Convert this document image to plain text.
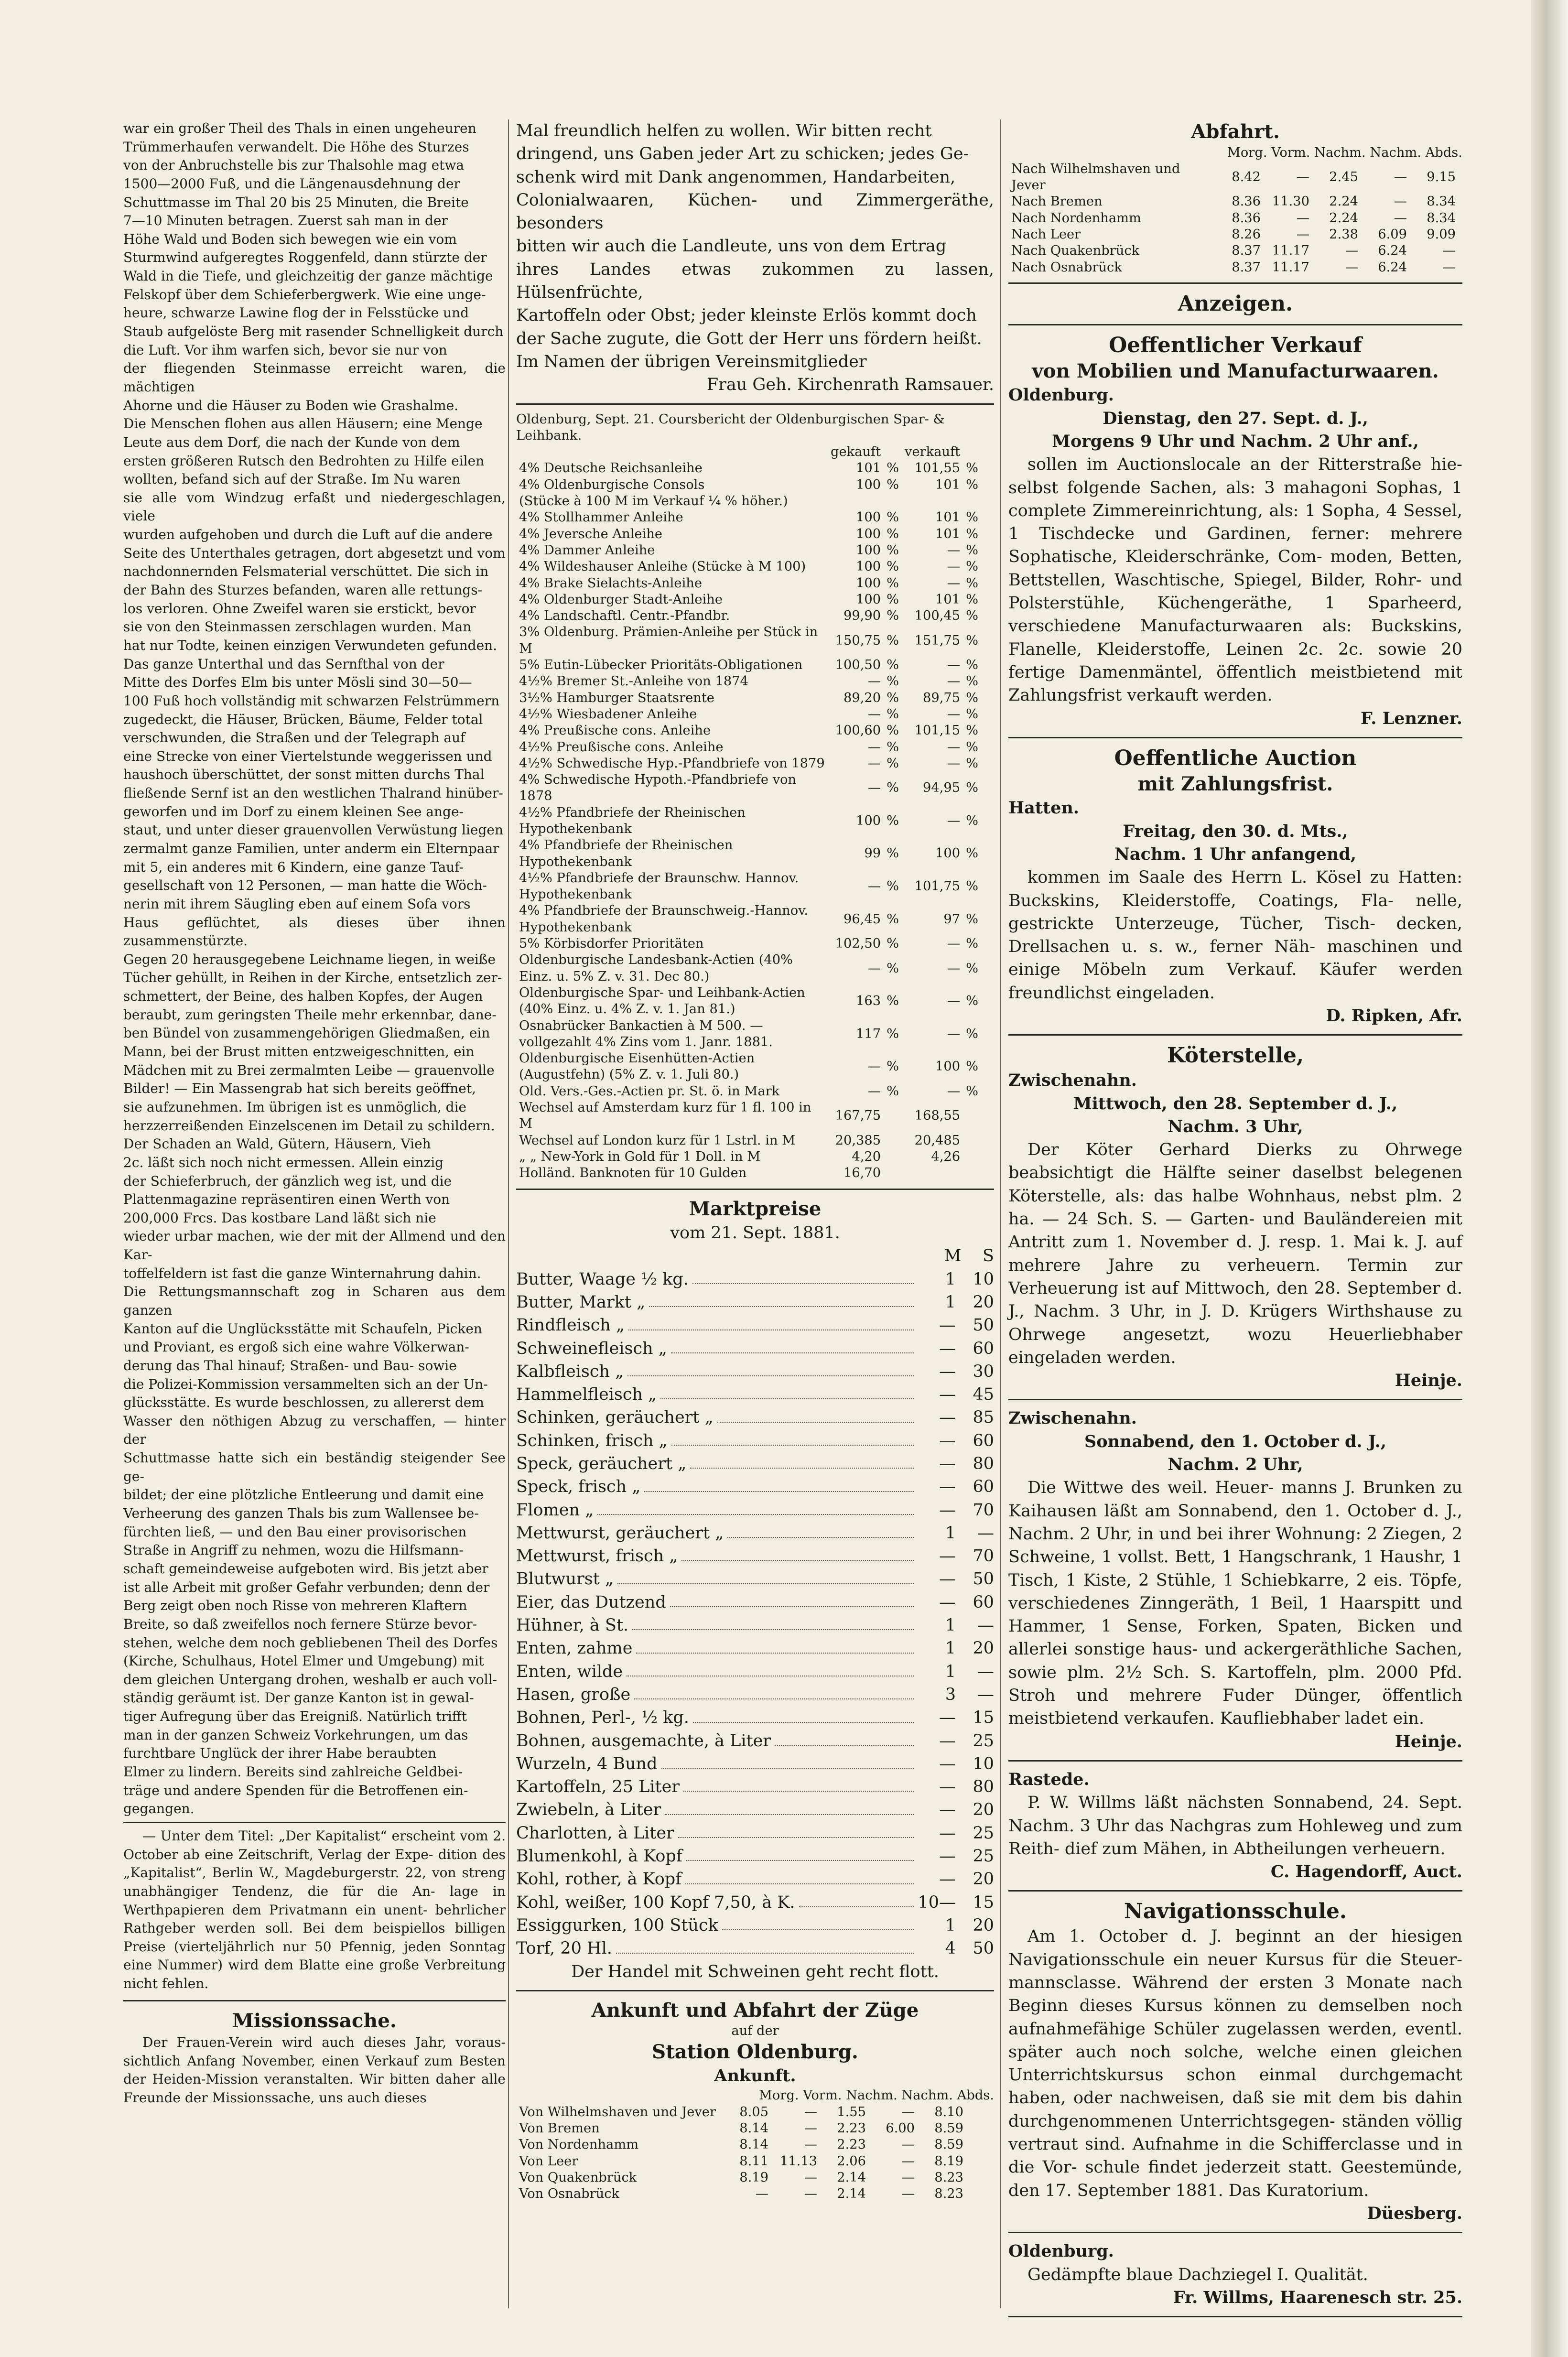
war ein großer Theil des Thals in einen ungeheuren
Trümmerhaufen verwandelt. Die Höhe des Sturzes
von der Anbruchstelle bis zur Thalsohle mag etwa
1500—2000 Fuß, und die Längenausdehnung der
Schuttmasse im Thal 20 bis 25 Minuten, die Breite
7—10 Minuten betragen. Zuerst sah man in der
Höhe Wald und Boden sich bewegen wie ein vom
Sturmwind aufgeregtes Roggenfeld, dann stürzte der
Wald in die Tiefe, und gleichzeitig der ganze mächtige
Felskopf über dem Schieferbergwerk. Wie eine unge-
heure, schwarze Lawine flog der in Felsstücke und
Staub aufgelöste Berg mit rasender Schnelligkeit durch
die Luft. Vor ihm warfen sich, bevor sie nur von
der fliegenden Steinmasse erreicht waren, die mächtigen
Ahorne und die Häuser zu Boden wie Grashalme.
Die Menschen flohen aus allen Häusern; eine Menge
Leute aus dem Dorf, die nach der Kunde von dem
ersten größeren Rutsch den Bedrohten zu Hilfe eilen
wollten, befand sich auf der Straße. Im Nu waren
sie alle vom Windzug erfaßt und niedergeschlagen, viele
wurden aufgehoben und durch die Luft auf die andere
Seite des Unterthales getragen, dort abgesetzt und vom
nachdonnernden Felsmaterial verschüttet. Die sich in
der Bahn des Sturzes befanden, waren alle rettungs-
los verloren. Ohne Zweifel waren sie erstickt, bevor
sie von den Steinmassen zerschlagen wurden. Man
hat nur Todte, keinen einzigen Verwundeten gefunden.
Das ganze Unterthal und das Sernfthal von der
Mitte des Dorfes Elm bis unter Mösli sind 30—50—
100 Fuß hoch vollständig mit schwarzen Felstrümmern
zugedeckt, die Häuser, Brücken, Bäume, Felder total
verschwunden, die Straßen und der Telegraph auf
eine Strecke von einer Viertelstunde weggerissen und
haushoch überschüttet, der sonst mitten durchs Thal
fließende Sernf ist an den westlichen Thalrand hinüber-
geworfen und im Dorf zu einem kleinen See ange-
staut, und unter dieser grauenvollen Verwüstung liegen
zermalmt ganze Familien, unter anderm ein Elternpaar
mit 5, ein anderes mit 6 Kindern, eine ganze Tauf-
gesellschaft von 12 Personen, — man hatte die Wöch-
nerin mit ihrem Säugling eben auf einem Sofa vors
Haus geflüchtet, als dieses über ihnen zusammenstürzte.
Gegen 20 herausgegebene Leichname liegen, in weiße
Tücher gehüllt, in Reihen in der Kirche, entsetzlich zer-
schmettert, der Beine, des halben Kopfes, der Augen
beraubt, zum geringsten Theile mehr erkennbar, dane-
ben Bündel von zusammengehörigen Gliedmaßen, ein
Mann, bei der Brust mitten entzweigeschnitten, ein
Mädchen mit zu Brei zermalmten Leibe — grauenvolle
Bilder! — Ein Massengrab hat sich bereits geöffnet,
sie aufzunehmen. Im übrigen ist es unmöglich, die
herzzerreißenden Einzelscenen im Detail zu schildern.
Der Schaden an Wald, Gütern, Häusern, Vieh
2c. läßt sich noch nicht ermessen. Allein einzig
der Schieferbruch, der gänzlich weg ist, und die
Plattenmagazine repräsentiren einen Werth von
200,000 Frcs. Das kostbare Land läßt sich nie
wieder urbar machen, wie der mit der Allmend und den Kar-
toffelfeldern ist fast die ganze Winternahrung dahin.
Die Rettungsmannschaft zog in Scharen aus dem ganzen
Kanton auf die Unglücksstätte mit Schaufeln, Picken
und Proviant, es ergoß sich eine wahre Völkerwan-
derung das Thal hinauf; Straßen- und Bau- sowie
die Polizei-Kommission versammelten sich an der Un-
glücksstätte. Es wurde beschlossen, zu allererst dem
Wasser den nöthigen Abzug zu verschaffen, — hinter der
Schuttmasse hatte sich ein beständig steigender See ge-
bildet; der eine plötzliche Entleerung und damit eine
Verheerung des ganzen Thals bis zum Wallensee be-
fürchten ließ, — und den Bau einer provisorischen
Straße in Angriff zu nehmen, wozu die Hilfsmann-
schaft gemeindeweise aufgeboten wird. Bis jetzt aber
ist alle Arbeit mit großer Gefahr verbunden; denn der
Berg zeigt oben noch Risse von mehreren Klaftern
Breite, so daß zweifellos noch fernere Stürze bevor-
stehen, welche dem noch gebliebenen Theil des Dorfes
(Kirche, Schulhaus, Hotel Elmer und Umgebung) mit
dem gleichen Untergang drohen, weshalb er auch voll-
ständig geräumt ist. Der ganze Kanton ist in gewal-
tiger Aufregung über das Ereigniß. Natürlich trifft
man in der ganzen Schweiz Vorkehrungen, um das
furchtbare Unglück der ihrer Habe beraubten
Elmer zu lindern. Bereits sind zahlreiche Geldbei-
träge und andere Spenden für die Betroffenen ein-
gegangen.

— Unter dem Titel: „Der Kapitalist“ erscheint vom 2. October ab eine Zeitschrift, Verlag der Expe- dition des „Kapitalist“, Berlin W., Magdeburgerstr. 22, von streng unabhängiger Tendenz, die für die An- lage in Werthpapieren dem Privatmann ein unent- behrlicher Rathgeber werden soll. Bei dem beispiellos billigen Preise (vierteljährlich nur 50 Pfennig, jeden Sonntag eine Nummer) wird dem Blatte eine große Verbreitung nicht fehlen.

Missionssache.

Der Frauen-Verein wird auch dieses Jahr, voraus- sichtlich Anfang November, einen Verkauf zum Besten der Heiden-Mission veranstalten. Wir bitten daher alle Freunde der Missionssache, uns auch dieses

Mal freundlich helfen zu wollen. Wir bitten recht
dringend, uns Gaben jeder Art zu schicken; jedes Ge-
schenk wird mit Dank angenommen, Handarbeiten,
Colonialwaaren, Küchen- und Zimmergeräthe, besonders
bitten wir auch die Landleute, uns von dem Ertrag
ihres Landes etwas zukommen zu lassen, Hülsenfrüchte,
Kartoffeln oder Obst; jeder kleinste Erlös kommt doch
der Sache zugute, die Gott der Herr uns fördern heißt.
Im Namen der übrigen Vereinsmitglieder
Frau Geh. Kirchenrath Ramsauer.
Oldenburg, Sept. 21. Coursbericht der Oldenburgischen Spar- & Leihbank.
	gekauft		verkauft	
4% Deutsche Reichsanleihe	101	%	101,55	%
4% Oldenburgische Consols	100	%	101	%
(Stücke à 100 M im Verkauf ¼ % höher.)				
4% Stollhammer Anleihe	100	%	101	%
4% Jeversche Anleihe	100	%	101	%
4% Dammer Anleihe	100	%	—	%
4% Wildeshauser Anleihe (Stücke à M 100)	100	%	—	%
4% Brake Sielachts-Anleihe	100	%	—	%
4% Oldenburger Stadt-Anleihe	100	%	101	%
4% Landschaftl. Centr.-Pfandbr.	99,90	%	100,45	%
3% Oldenburg. Prämien-Anleihe per Stück in M	150,75	%	151,75	%
5% Eutin-Lübecker Prioritäts-Obligationen	100,50	%	—	%
4½% Bremer St.-Anleihe von 1874	—	%	—	%
3½% Hamburger Staatsrente	89,20	%	89,75	%
4½% Wiesbadener Anleihe	—	%	—	%
4% Preußische cons. Anleihe	100,60	%	101,15	%
4½% Preußische cons. Anleihe	—	%	—	%
4½% Schwedische Hyp.-Pfandbriefe von 1879	—	%	—	%
4% Schwedische Hypoth.-Pfandbriefe von 1878	—	%	94,95	%
4½% Pfandbriefe der Rheinischen Hypothekenbank	100	%	—	%
4% Pfandbriefe der Rheinischen Hypothekenbank	99	%	100	%
4½% Pfandbriefe der Braunschw. Hannov. Hypothekenbank	—	%	101,75	%
4% Pfandbriefe der Braunschweig.-Hannov. Hypothekenbank	96,45	%	97	%
5% Körbisdorfer Prioritäten	102,50	%	—	%
Oldenburgische Landesbank-Actien (40% Einz. u. 5% Z. v. 31. Dec 80.)	—	%	—	%
Oldenburgische Spar- und Leihbank-Actien (40% Einz. u. 4% Z. v. 1. Jan 81.)	163	%	—	%
Osnabrücker Bankactien à M 500. — vollgezahlt 4% Zins vom 1. Janr. 1881.	117	%	—	%
Oldenburgische Eisenhütten-Actien (Augustfehn) (5% Z. v. 1. Juli 80.)	—	%	100	%
Old. Vers.-Ges.-Actien pr. St. ö. in Mark	—	%	—	%
Wechsel auf Amsterdam kurz für 1 fl. 100 in M	167,75		168,55	
Wechsel auf London kurz für 1 Lstrl. in M	20,385		20,485	
„ „ New-York in Gold für 1 Doll. in M	4,20		4,26	
Holländ. Banknoten für 10 Gulden	16,70			
Marktpreise
vom 21. Sept. 1881.
M S
Butter, Waage ½ kg.	1	10
Butter, Markt „	1	20
Rindfleisch „	—	50
Schweinefleisch „	—	60
Kalbfleisch „	—	30
Hammelfleisch „	—	45
Schinken, geräuchert „	—	85
Schinken, frisch „	—	60
Speck, geräuchert „	—	80
Speck, frisch „	—	60
Flomen „	—	70
Mettwurst, geräuchert „	1	—
Mettwurst, frisch „	—	70
Blutwurst „	—	50
Eier, das Dutzend	—	60
Hühner, à St.	1	—
Enten, zahme	1	20
Enten, wilde	1	—
Hasen, große	3	—
Bohnen, Perl-, ½ kg.	—	15
Bohnen, ausgemachte, à Liter	—	25
Wurzeln, 4 Bund	—	10
Kartoffeln, 25 Liter	—	80
Zwiebeln, à Liter	—	20
Charlotten, à Liter	—	25
Blumenkohl, à Kopf	—	25
Kohl, rother, à Kopf	—	20
Kohl, weißer, 100 Kopf 7,50, à K.	10—	15
Essiggurken, 100 Stück	1	20
Torf, 20 Hl.	4	50
Der Handel mit Schweinen geht recht flott.
Ankunft und Abfahrt der Züge
auf der
Station Oldenburg.
Ankunft.
Morg. Vorm. Nachm. Nachm. Abds.
Von Wilhelmshaven und Jever	8.05	—	1.55	—	8.10
Von Bremen	8.14	—	2.23	6.00	8.59
Von Nordenhamm	8.14	—	2.23	—	8.59
Von Leer	8.11	11.13	2.06	—	8.19
Von Quakenbrück	8.19	—	2.14	—	8.23
Von Osnabrück	—	—	2.14	—	8.23
Abfahrt.
Morg. Vorm. Nachm. Nachm. Abds.
Nach Wilhelmshaven und Jever	8.42	—	2.45	—	9.15
Nach Bremen	8.36	11.30	2.24	—	8.34
Nach Nordenhamm	8.36	—	2.24	—	8.34
Nach Leer	8.26	—	2.38	6.09	9.09
Nach Quakenbrück	8.37	11.17	—	6.24	—
Nach Osnabrück	8.37	11.17	—	6.24	—
Anzeigen.
Oeffentlicher Verkauf
von Mobilien und Manufacturwaaren.
Oldenburg.
Dienstag, den 27. Sept. d. J.,
Morgens 9 Uhr und Nachm. 2 Uhr anf.,

sollen im Auctionslocale an der Ritterstraße hie- selbst folgende Sachen, als: 3 mahagoni Sophas, 1 complete Zimmereinrichtung, als: 1 Sopha, 4 Sessel, 1 Tischdecke und Gardinen, ferner: mehrere Sophatische, Kleiderschränke, Com- moden, Betten, Bettstellen, Waschtische, Spiegel, Bilder, Rohr- und Polsterstühle, Küchengeräthe, 1 Sparheerd, verschiedene Manufacturwaaren als: Buckskins, Flanelle, Kleiderstoffe, Leinen 2c. 2c. sowie 20 fertige Damenmäntel, öffentlich meistbietend mit Zahlungsfrist verkauft werden.

F. Lenzner.
Oeffentliche Auction
mit Zahlungsfrist.
Hatten.
Freitag, den 30. d. Mts.,
Nachm. 1 Uhr anfangend,

kommen im Saale des Herrn L. Kösel zu Hatten: Buckskins, Kleiderstoffe, Coatings, Fla- nelle, gestrickte Unterzeuge, Tücher, Tisch- decken, Drellsachen u. s. w., ferner Näh- maschinen und einige Möbeln zum Verkauf. Käufer werden freundlichst eingeladen.

D. Ripken, Afr.
Köterstelle,
Zwischenahn.
Mittwoch, den 28. September d. J.,
Nachm. 3 Uhr,

Der Köter Gerhard Dierks zu Ohrwege beabsichtigt die Hälfte seiner daselbst belegenen Köterstelle, als: das halbe Wohnhaus, nebst plm. 2 ha. — 24 Sch. S. — Garten- und Bauländereien mit Antritt zum 1. November d. J. resp. 1. Mai k. J. auf mehrere Jahre zu verheuern. Termin zur Verheuerung ist auf Mittwoch, den 28. September d. J., Nachm. 3 Uhr, in J. D. Krügers Wirthshause zu Ohrwege angesetzt, wozu Heuerliebhaber eingeladen werden.

Heinje.
Zwischenahn.
Sonnabend, den 1. October d. J.,
Nachm. 2 Uhr,

Die Wittwe des weil. Heuer- manns J. Brunken zu Kaihausen läßt am Sonnabend, den 1. October d. J., Nachm. 2 Uhr, in und bei ihrer Wohnung: 2 Ziegen, 2 Schweine, 1 vollst. Bett, 1 Hangschrank, 1 Haushr, 1 Tisch, 1 Kiste, 2 Stühle, 1 Schiebkarre, 2 eis. Töpfe, verschiedenes Zinngeräth, 1 Beil, 1 Haarspitt und Hammer, 1 Sense, Forken, Spaten, Bicken und allerlei sonstige haus- und ackergeräthliche Sachen, sowie plm. 2½ Sch. S. Kartoffeln, plm. 2000 Pfd. Stroh und mehrere Fuder Dünger, öffentlich meistbietend verkaufen. Kaufliebhaber ladet ein.

Heinje.
Rastede.

P. W. Willms läßt nächsten Sonnabend, 24. Sept. Nachm. 3 Uhr das Nachgras zum Hohleweg und zum Reith- dief zum Mähen, in Abtheilungen verheuern.

C. Hagendorff, Auct.
Navigationsschule.

Am 1. October d. J. beginnt an der hiesigen Navigationsschule ein neuer Kursus für die Steuer- mannsclasse. Während der ersten 3 Monate nach Beginn dieses Kursus können zu demselben noch aufnahmefähige Schüler zugelassen werden, eventl. später auch noch solche, welche einen gleichen Unterrichtskursus schon einmal durchgemacht haben, oder nachweisen, daß sie mit dem bis dahin durchgenommenen Unterrichtsgegen- ständen völlig vertraut sind. Aufnahme in die Schifferclasse und in die Vor- schule findet jederzeit statt. Geestemünde, den 17. September 1881. Das Kuratorium.

Düesberg.
Oldenburg.

Gedämpfte blaue Dachziegel I. Qualität.

Fr. Willms, Haarenesch str. 25.
